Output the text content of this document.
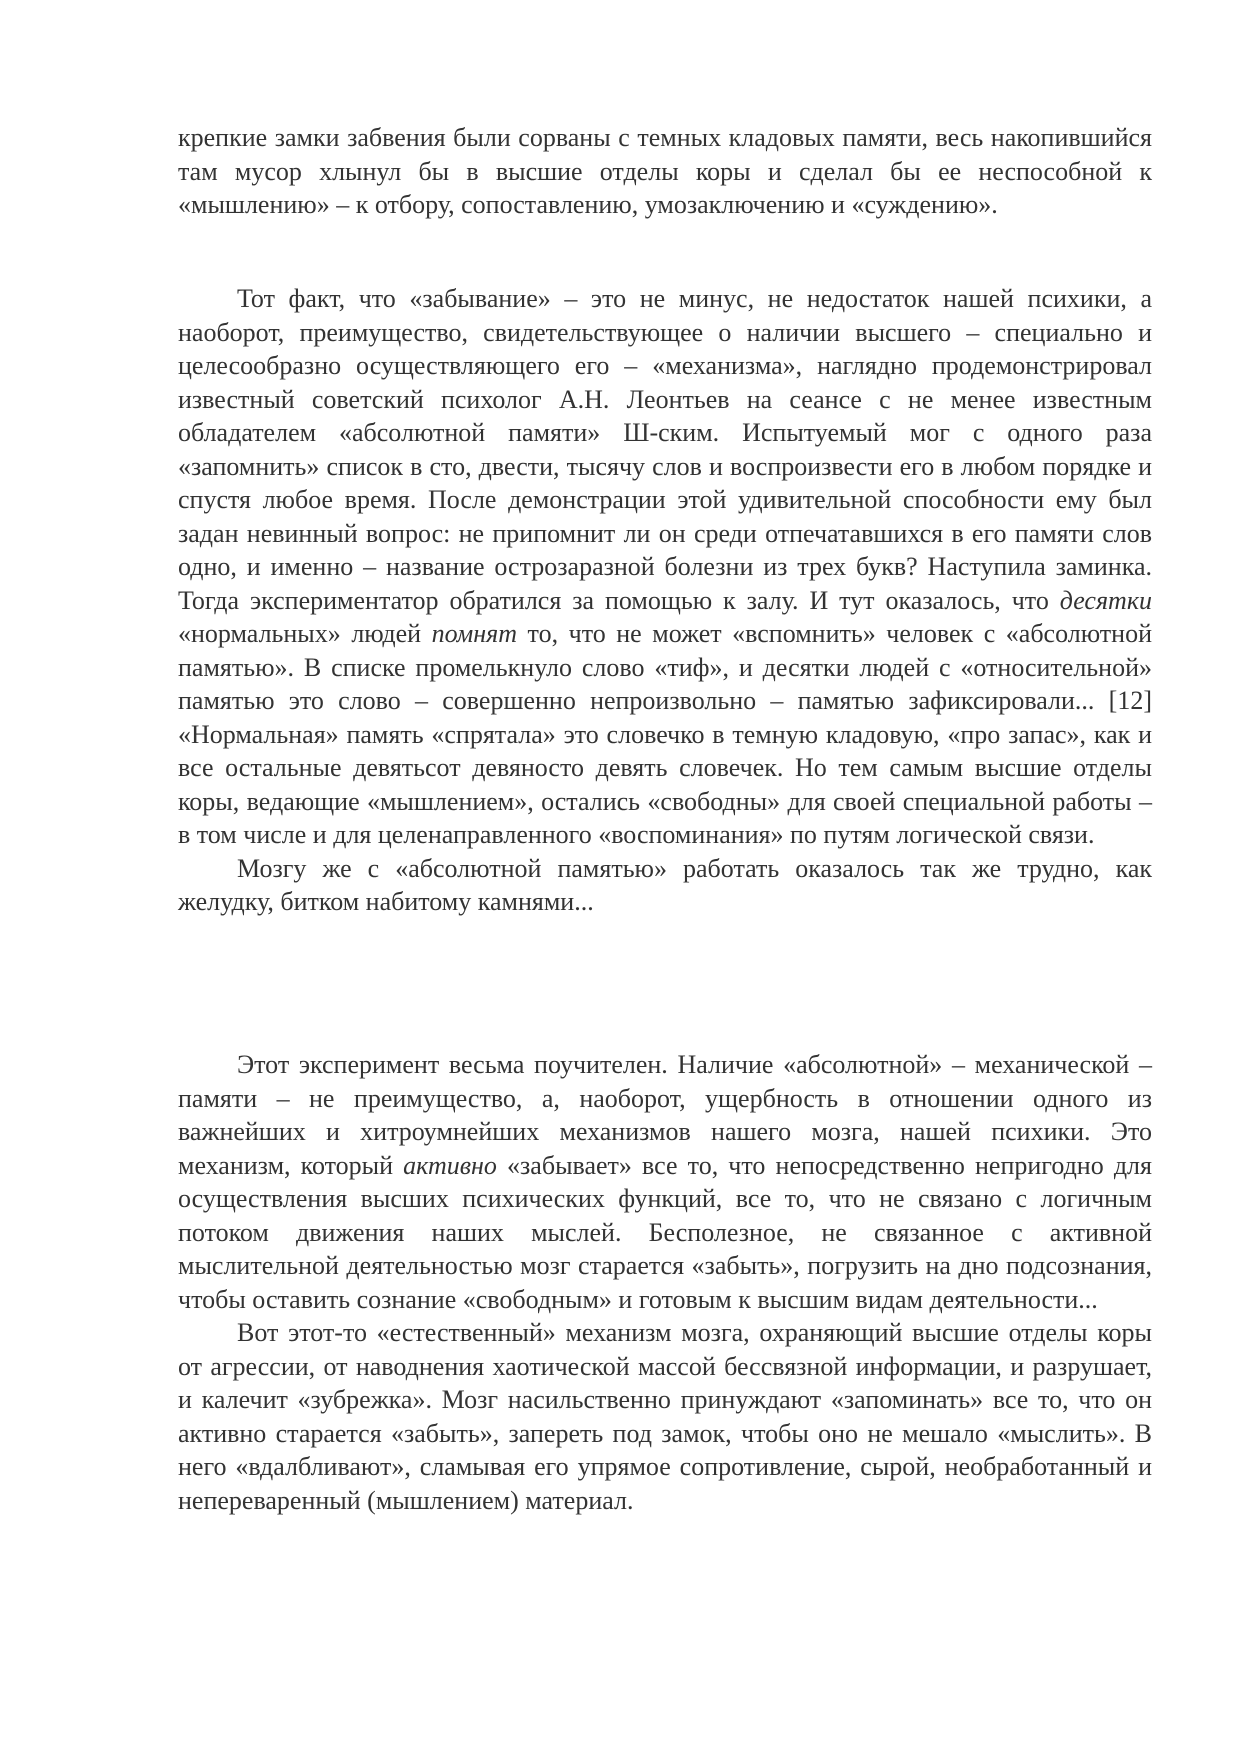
крепкие замки забвения были сорваны с темных кладовых памяти, весь накопившийся там мусор хлынул бы в высшие отделы коры и сделал бы ее неспособной к «мышлению» – к отбору, сопоставлению, умозаключению и «суждению».

Тот факт, что «забывание» – это не минус, не недостаток нашей психики, а наоборот, преимущество, свидетельствующее о наличии высшего – специально и целесообразно осуществляющего его – «механизма», наглядно продемонстрировал известный советский психолог А.Н. Леонтьев на сеансе с не менее известным обладателем «абсолютной памяти» Ш-ским. Испытуемый мог с одного раза «запомнить» список в сто, двести, тысячу слов и воспроизвести его в любом порядке и спустя любое время. После демонстрации этой удивительной способности ему был задан невинный вопрос: не припомнит ли он среди отпечатавшихся в его памяти слов одно, и именно – название острозаразной болезни из трех букв? Наступила заминка. Тогда экспериментатор обратился за помощью к залу. И тут оказалось, что десятки «нормальных» людей помнят то, что не может «вспомнить» человек с «абсолютной памятью». В списке промелькнуло слово «тиф», и десятки людей с «относительной» памятью это слово – совершенно непроизвольно – памятью зафиксировали... [12] «Нормальная» память «спрятала» это словечко в темную кладовую, «про запас», как и все остальные девятьсот девяносто девять словечек. Но тем самым высшие отделы коры, ведающие «мышлением», остались «свободны» для своей специальной работы – в том числе и для целенаправленного «воспоминания» по путям логической связи.

Мозгу же с «абсолютной памятью» работать оказалось так же трудно, как желудку, битком набитому камнями...

Этот эксперимент весьма поучителен. Наличие «абсолютной» – механической – памяти – не преимущество, а, наоборот, ущербность в отношении одного из важнейших и хитроумнейших механизмов нашего мозга, нашей психики. Это механизм, который активно «забывает» все то, что непосредственно непригодно для осуществления высших психических функций, все то, что не связано с логичным потоком движения наших мыслей. Бесполезное, не связанное с активной мыслительной деятельностью мозг старается «забыть», погрузить на дно подсознания, чтобы оставить сознание «свободным» и готовым к высшим видам деятельности...

Вот этот-то «естественный» механизм мозга, охраняющий высшие отделы коры от агрессии, от наводнения хаотической массой бессвязной информации, и разрушает, и калечит «зубрежка». Мозг насильственно принуждают «запоминать» все то, что он активно старается «забыть», запереть под замок, чтобы оно не мешало «мыслить». В него «вдалбливают», сламывая его упрямое сопротивление, сырой, необработанный и непереваренный (мышлением) материал.
